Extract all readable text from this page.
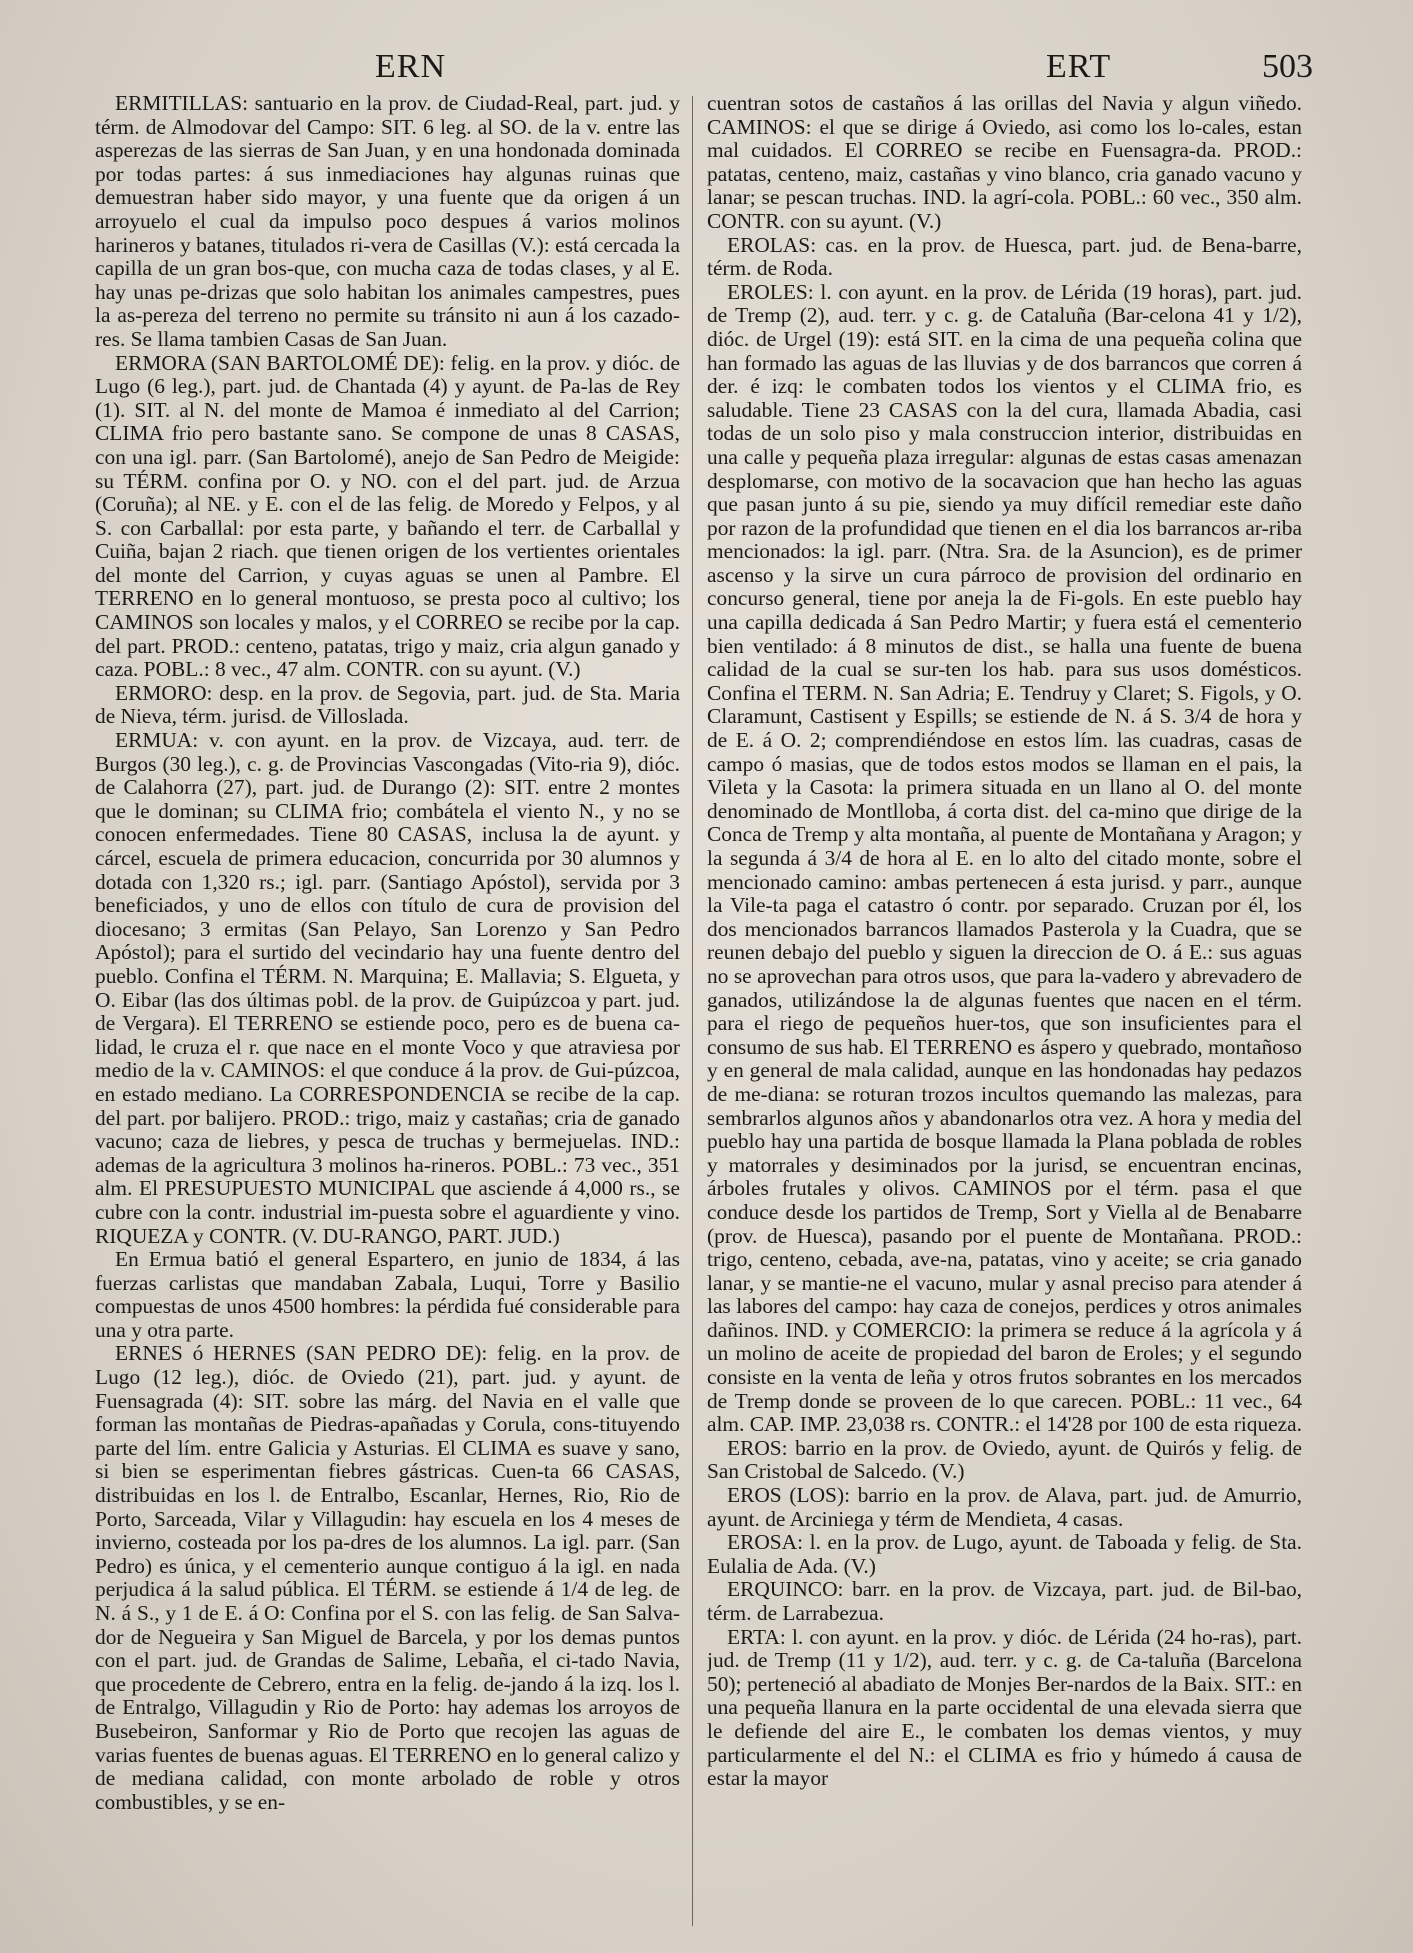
ERN	ERT	503

ERMITILLAS: santuario en la prov. de Ciudad-Real, part. jud. y térm. de Almodovar del Campo: SIT. 6 leg. al SO. de la v. entre las asperezas de las sierras de San Juan, y en una hondonada dominada por todas partes: á sus inmediaciones hay algunas ruinas que demuestran haber sido mayor, y una fuente que da origen á un arroyuelo el cual da impulso poco despues á varios molinos harineros y batanes, titulados ri-vera de Casillas (V.): está cercada la capilla de un gran bos-que, con mucha caza de todas clases, y al E. hay unas pe-drizas que solo habitan los animales campestres, pues la as-pereza del terreno no permite su tránsito ni aun á los cazado-res. Se llama tambien Casas de San Juan.

ERMORA (SAN BARTOLOMÉ DE): felig. en la prov. y dióc. de Lugo (6 leg.), part. jud. de Chantada (4) y ayunt. de Pa-las de Rey (1). SIT. al N. del monte de Mamoa é inmediato al del Carrion; CLIMA frio pero bastante sano. Se compone de unas 8 CASAS, con una igl. parr. (San Bartolomé), anejo de San Pedro de Meigide: su TÉRM. confina por O. y NO. con el del part. jud. de Arzua (Coruña); al NE. y E. con el de las felig. de Moredo y Felpos, y al S. con Carballal: por esta parte, y bañando el terr. de Carballal y Cuiña, bajan 2 riach. que tienen origen de los vertientes orientales del monte del Carrion, y cuyas aguas se unen al Pambre. El TERRENO en lo general montuoso, se presta poco al cultivo; los CAMINOS son locales y malos, y el CORREO se recibe por la cap. del part. PROD.: centeno, patatas, trigo y maiz, cria algun ganado y caza. POBL.: 8 vec., 47 alm. CONTR. con su ayunt. (V.)

ERMORO: desp. en la prov. de Segovia, part. jud. de Sta. Maria de Nieva, térm. jurisd. de Villoslada.

ERMUA: v. con ayunt. en la prov. de Vizcaya, aud. terr. de Burgos (30 leg.), c. g. de Provincias Vascongadas (Vito-ria 9), dióc. de Calahorra (27), part. jud. de Durango (2): SIT. entre 2 montes que le dominan; su CLIMA frio; combátela el viento N., y no se conocen enfermedades. Tiene 80 CASAS, inclusa la de ayunt. y cárcel, escuela de primera educacion, concurrida por 30 alumnos y dotada con 1,320 rs.; igl. parr. (Santiago Apóstol), servida por 3 beneficiados, y uno de ellos con título de cura de provision del diocesano; 3 ermitas (San Pelayo, San Lorenzo y San Pedro Apóstol); para el surtido del vecindario hay una fuente dentro del pueblo. Confina el TÉRM. N. Marquina; E. Mallavia; S. Elgueta, y O. Eibar (las dos últimas pobl. de la prov. de Guipúzcoa y part. jud. de Vergara). El TERRENO se estiende poco, pero es de buena ca-lidad, le cruza el r. que nace en el monte Voco y que atraviesa por medio de la v. CAMINOS: el que conduce á la prov. de Gui-púzcoa, en estado mediano. La CORRESPONDENCIA se recibe de la cap. del part. por balijero. PROD.: trigo, maiz y castañas; cria de ganado vacuno; caza de liebres, y pesca de truchas y bermejuelas. IND.: ademas de la agricultura 3 molinos ha-rineros. POBL.: 73 vec., 351 alm. El PRESUPUESTO MUNICIPAL que asciende á 4,000 rs., se cubre con la contr. industrial im-puesta sobre el aguardiente y vino. RIQUEZA y CONTR. (V. DU-RANGO, PART. JUD.)

En Ermua batió el general Espartero, en junio de 1834, á las fuerzas carlistas que mandaban Zabala, Luqui, Torre y Basilio compuestas de unos 4500 hombres: la pérdida fué considerable para una y otra parte.

ERNES ó HERNES (SAN PEDRO DE): felig. en la prov. de Lugo (12 leg.), dióc. de Oviedo (21), part. jud. y ayunt. de Fuensagrada (4): SIT. sobre las márg. del Navia en el valle que forman las montañas de Piedras-apañadas y Corula, cons-tituyendo parte del lím. entre Galicia y Asturias. El CLIMA es suave y sano, si bien se esperimentan fiebres gástricas. Cuen-ta 66 CASAS, distribuidas en los l. de Entralbo, Escanlar, Hernes, Rio, Rio de Porto, Sarceada, Vilar y Villagudin: hay escuela en los 4 meses de invierno, costeada por los pa-dres de los alumnos. La igl. parr. (San Pedro) es única, y el cementerio aunque contiguo á la igl. en nada perjudica á la salud pública. El TÉRM. se estiende á 1/4 de leg. de N. á S., y 1 de E. á O: Confina por el S. con las felig. de San Salva-dor de Negueira y San Miguel de Barcela, y por los demas puntos con el part. jud. de Grandas de Salime, Lebaña, el ci-tado Navia, que procedente de Cebrero, entra en la felig. de-jando á la izq. los l. de Entralgo, Villagudin y Rio de Porto: hay ademas los arroyos de Busebeiron, Sanformar y Rio de Porto que recojen las aguas de varias fuentes de buenas aguas. El TERRENO en lo general calizo y de mediana calidad, con monte arbolado de roble y otros combustibles, y se en-

cuentran sotos de castaños á las orillas del Navia y algun viñedo. CAMINOS: el que se dirige á Oviedo, asi como los lo-cales, estan mal cuidados. El CORREO se recibe en Fuensagra-da. PROD.: patatas, centeno, maiz, castañas y vino blanco, cria ganado vacuno y lanar; se pescan truchas. IND. la agrí-cola. POBL.: 60 vec., 350 alm. CONTR. con su ayunt. (V.)

EROLAS: cas. en la prov. de Huesca, part. jud. de Bena-barre, térm. de Roda.

EROLES: l. con ayunt. en la prov. de Lérida (19 horas), part. jud. de Tremp (2), aud. terr. y c. g. de Cataluña (Bar-celona 41 y 1/2), dióc. de Urgel (19): está SIT. en la cima de una pequeña colina que han formado las aguas de las lluvias y de dos barrancos que corren á der. é izq: le combaten todos los vientos y el CLIMA frio, es saludable. Tiene 23 CASAS con la del cura, llamada Abadia, casi todas de un solo piso y mala construccion interior, distribuidas en una calle y pequeña plaza irregular: algunas de estas casas amenazan desplomarse, con motivo de la socavacion que han hecho las aguas que pasan junto á su pie, siendo ya muy difícil remediar este daño por razon de la profundidad que tienen en el dia los barrancos ar-riba mencionados: la igl. parr. (Ntra. Sra. de la Asuncion), es de primer ascenso y la sirve un cura párroco de provision del ordinario en concurso general, tiene por aneja la de Fi-gols. En este pueblo hay una capilla dedicada á San Pedro Martir; y fuera está el cementerio bien ventilado: á 8 minutos de dist., se halla una fuente de buena calidad de la cual se sur-ten los hab. para sus usos domésticos. Confina el TERM. N. San Adria; E. Tendruy y Claret; S. Figols, y O. Claramunt, Castisent y Espills; se estiende de N. á S. 3/4 de hora y de E. á O. 2; comprendiéndose en estos lím. las cuadras, casas de campo ó masias, que de todos estos modos se llaman en el pais, la Vileta y la Casota: la primera situada en un llano al O. del monte denominado de Montlloba, á corta dist. del ca-mino que dirige de la Conca de Tremp y alta montaña, al puente de Montañana y Aragon; y la segunda á 3/4 de hora al E. en lo alto del citado monte, sobre el mencionado camino: ambas pertenecen á esta jurisd. y parr., aunque la Vile-ta paga el catastro ó contr. por separado. Cruzan por él, los dos mencionados barrancos llamados Pasterola y la Cuadra, que se reunen debajo del pueblo y siguen la direccion de O. á E.: sus aguas no se aprovechan para otros usos, que para la-vadero y abrevadero de ganados, utilizándose la de algunas fuentes que nacen en el térm. para el riego de pequeños huer-tos, que son insuficientes para el consumo de sus hab. El TERRENO es áspero y quebrado, montañoso y en general de mala calidad, aunque en las hondonadas hay pedazos de me-diana: se roturan trozos incultos quemando las malezas, para sembrarlos algunos años y abandonarlos otra vez. A hora y media del pueblo hay una partida de bosque llamada la Plana poblada de robles y matorrales y desiminados por la jurisd, se encuentran encinas, árboles frutales y olivos. CAMINOS por el térm. pasa el que conduce desde los partidos de Tremp, Sort y Viella al de Benabarre (prov. de Huesca), pasando por el puente de Montañana. PROD.: trigo, centeno, cebada, ave-na, patatas, vino y aceite; se cria ganado lanar, y se mantie-ne el vacuno, mular y asnal preciso para atender á las labores del campo: hay caza de conejos, perdices y otros animales dañinos. IND. y COMERCIO: la primera se reduce á la agrícola y á un molino de aceite de propiedad del baron de Eroles; y el segundo consiste en la venta de leña y otros frutos sobrantes en los mercados de Tremp donde se proveen de lo que carecen. POBL.: 11 vec., 64 alm. CAP. IMP. 23,038 rs. CONTR.: el 14'28 por 100 de esta riqueza.

EROS: barrio en la prov. de Oviedo, ayunt. de Quirós y felig. de San Cristobal de Salcedo. (V.)

EROS (LOS): barrio en la prov. de Alava, part. jud. de Amurrio, ayunt. de Arciniega y térm de Mendieta, 4 casas.

EROSA: l. en la prov. de Lugo, ayunt. de Taboada y felig. de Sta. Eulalia de Ada. (V.)

ERQUINCO: barr. en la prov. de Vizcaya, part. jud. de Bil-bao, térm. de Larrabezua.

ERTA: l. con ayunt. en la prov. y dióc. de Lérida (24 ho-ras), part. jud. de Tremp (11 y 1/2), aud. terr. y c. g. de Ca-taluña (Barcelona 50); perteneció al abadiato de Monjes Ber-nardos de la Baix. SIT.: en una pequeña llanura en la parte occidental de una elevada sierra que le defiende del aire E., le combaten los demas vientos, y muy particularmente el del N.: el CLIMA es frio y húmedo á causa de estar la mayor
